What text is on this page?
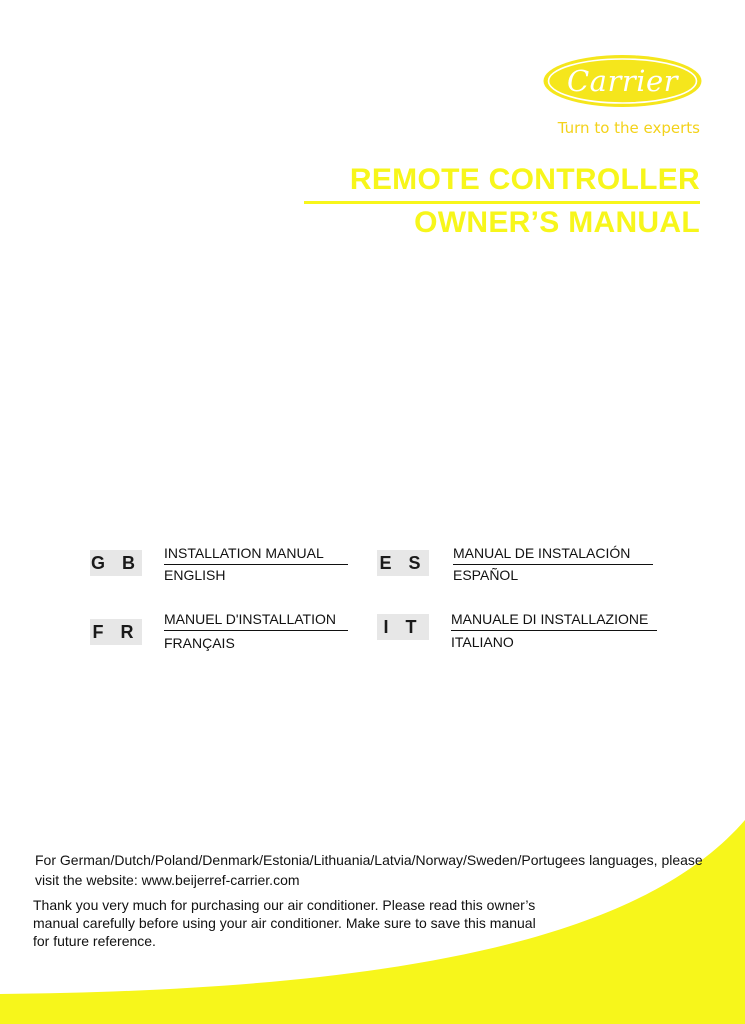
Carrier
Turn to the experts
REMOTE CONTROLLER
OWNER’S MANUAL
G B INSTALLATION MANUAL
ENGLISH
E S MANUAL DE INSTALACIÓN
ESPAÑOL
F R
MANUEL D'INSTALLATION
FRANÇAIS
I T	MANUALE DI INSTALLAZIONE
ITALIANO
For German/Dutch/Poland/Denmark/Estonia/Lithuania/Latvia/Norway/Sweden/Portugees languages, please visit the website: www.beijerref-carrier.com
Thank you very much for purchasing our air conditioner. Please read this owner’s manual carefully before using your air conditioner. Make sure to save this manual for future reference.
